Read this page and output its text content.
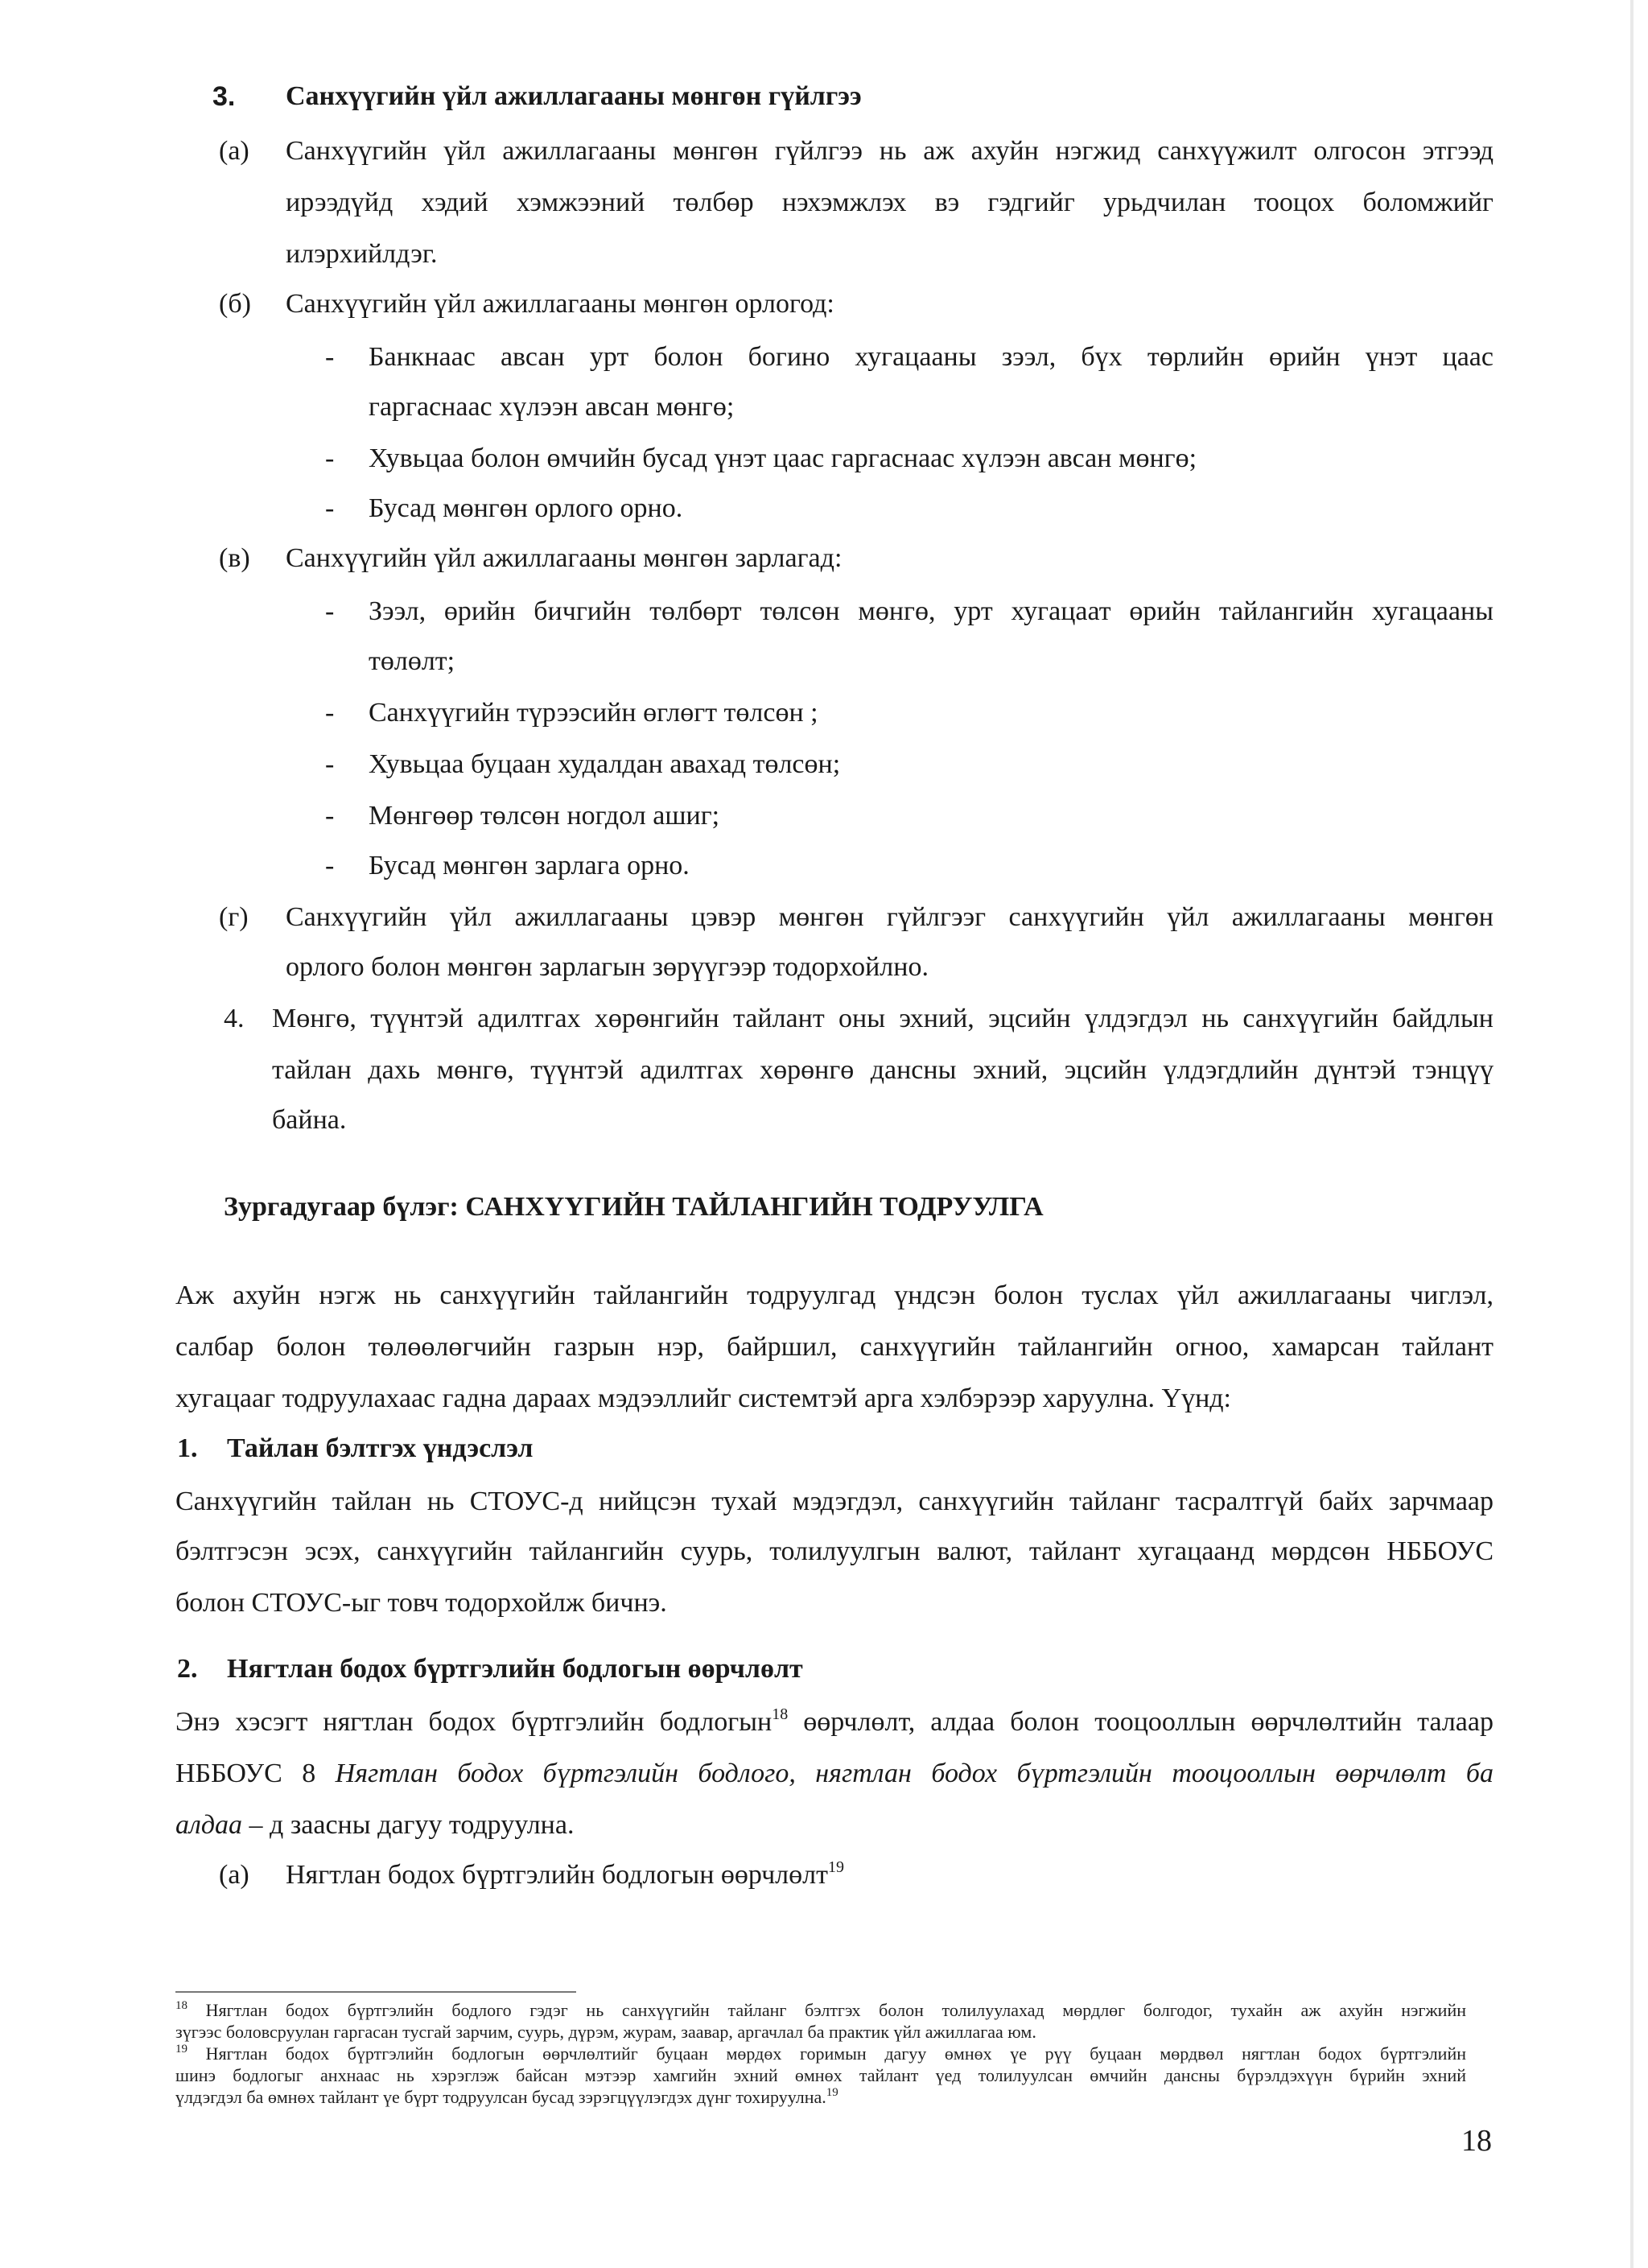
3. Санхүүгийн үйл ажиллагааны мөнгөн гүйлгээ
(а) Санхүүгийн үйл ажиллагааны мөнгөн гүйлгээ нь аж ахуйн нэгжид санхүүжилт олгосон этгээд
ирээдүйд хэдий хэмжээний төлбөр нэхэмжлэх вэ гэдгийг урьдчилан тооцох боломжийг
илэрхийлдэг.
(б) Санхүүгийн үйл ажиллагааны мөнгөн орлогод:
- Банкнаас авсан урт болон богино хугацааны зээл, бүх төрлийн өрийн үнэт цаас
гаргаснаас хүлээн авсан мөнгө;
- Хувьцаа болон өмчийн бусад үнэт цаас гаргаснаас хүлээн авсан мөнгө;
- Бусад мөнгөн орлого орно.
(в) Санхүүгийн үйл ажиллагааны мөнгөн зарлагад:
- Зээл, өрийн бичгийн төлбөрт төлсөн мөнгө, урт хугацаат өрийн тайлангийн хугацааны
төлөлт;
- Санхүүгийн түрээсийн өглөгт төлсөн ;
- Хувьцаа буцаан худалдан авахад төлсөн;
- Мөнгөөр төлсөн ногдол ашиг;
- Бусад мөнгөн зарлага орно.
(г) Санхүүгийн үйл ажиллагааны цэвэр мөнгөн гүйлгээг санхүүгийн үйл ажиллагааны мөнгөн
орлого болон мөнгөн зарлагын зөрүүгээр тодорхойлно.
4. Мөнгө, түүнтэй адилтгах хөрөнгийн тайлант оны эхний, эцсийн үлдэгдэл нь санхүүгийн байдлын
тайлан дахь мөнгө, түүнтэй адилтгах хөрөнгө дансны эхний, эцсийн үлдэгдлийн дүнтэй тэнцүү
байна.
Зургадугаар бүлэг: САНХҮҮГИЙН ТАЙЛАНГИЙН ТОДРУУЛГА
Аж ахуйн нэгж нь санхүүгийн тайлангийн тодруулгад үндсэн болон туслах үйл ажиллагааны чиглэл,
салбар болон төлөөлөгчийн газрын нэр, байршил, санхүүгийн тайлангийн огноо, хамарсан тайлант
хугацааг тодруулахаас гадна дараах мэдээллийг системтэй арга хэлбэрээр харуулна. Үүнд:
1. Тайлан бэлтгэх үндэслэл
Санхүүгийн тайлан нь СТОУС-д нийцсэн тухай мэдэгдэл, санхүүгийн тайланг тасралтгүй байх зарчмаар
бэлтгэсэн эсэх, санхүүгийн тайлангийн суурь, толилуулгын валют, тайлант хугацаанд мөрдсөн НББОУС
болон СТОУС-ыг товч тодорхойлж бичнэ.
2. Нягтлан бодох бүртгэлийн бодлогын өөрчлөлт
Энэ хэсэгт нягтлан бодох бүртгэлийн бодлогын$^{18}$ өөрчлөлт, алдаа болон тооцооллын өөрчлөлтийн талаар
НББОУС 8 Нягтлан бодох бүртгэлийн бодлого, нягтлан бодох бүртгэлийн тооцооллын өөрчлөлт ба
алдаа – д заасны дагуу тодруулна.
(а) Нягтлан бодох бүртгэлийн бодлогын өөрчлөлт$^{19}$
$^{18}$ Нягтлан бодох бүртгэлийн бодлого гэдэг нь санхүүгийн тайланг бэлтгэх болон толилуулахад мөрдлөг болгодог, тухайн аж ахуйн нэгжийн
зүгээс боловсруулан гаргасан тусгай зарчим, суурь, дүрэм, журам, заавар, аргачлал ба практик үйл ажиллагаа юм.
$^{19}$ Нягтлан бодох бүртгэлийн бодлогын өөрчлөлтийг буцаан мөрдөх горимын дагуу өмнөх үе рүү буцаан мөрдвөл нягтлан бодох бүртгэлийн
шинэ бодлогыг анхнаас нь хэрэглэж байсан мэтээр хамгийн эхний өмнөх тайлант үед толилуулсан өмчийн дансны бүрэлдэхүүн бүрийн эхний
үлдэгдэл ба өмнөх тайлант үе бүрт тодруулсан бусад зэрэгцүүлэгдэх дүнг тохируулна.$^{19}$
18
